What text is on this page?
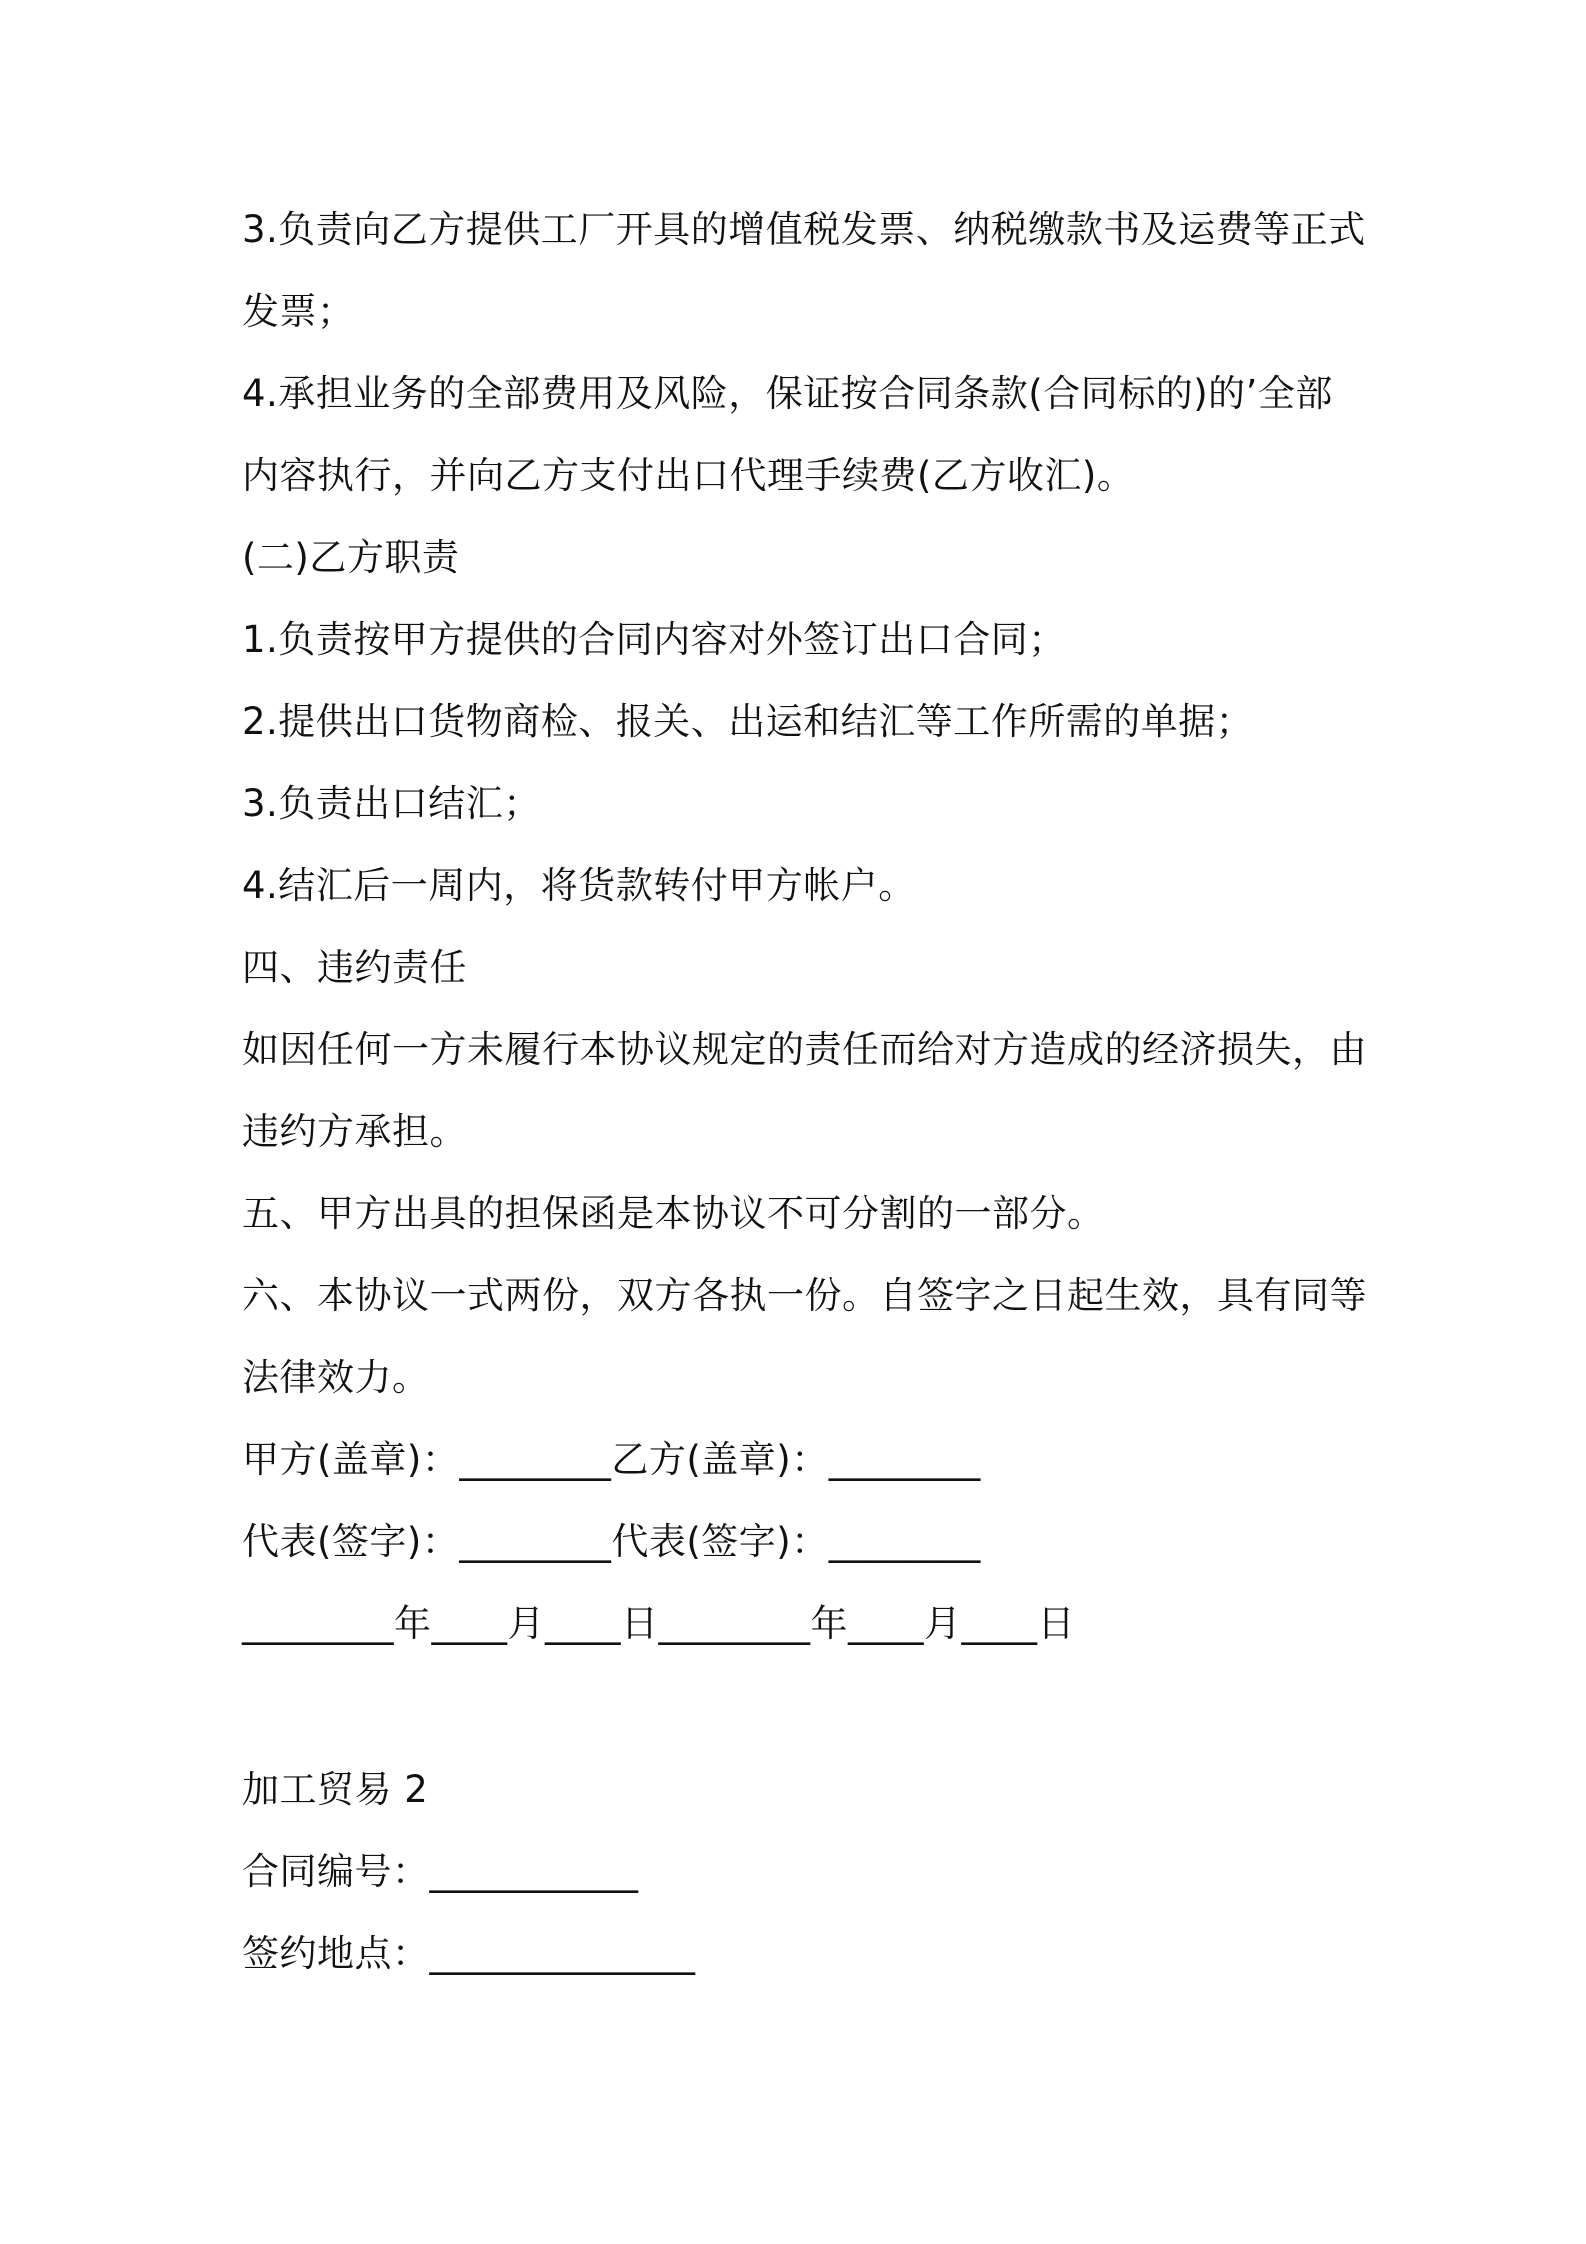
3.负责向乙方提供工厂开具的增值税发票、纳税缴款书及运费等正式
发票；
4.承担业务的全部费用及风险，保证按合同条款(合同标的)的’全部
内容执行，并向乙方支付出口代理手续费(乙方收汇)。
(二)乙方职责
1.负责按甲方提供的合同内容对外签订出口合同；
2.提供出口货物商检、报关、出运和结汇等工作所需的单据；
3.负责出口结汇；
4.结汇后一周内，将货款转付甲方帐户。
四、违约责任
如因任何一方未履行本协议规定的责任而给对方造成的经济损失，由
违约方承担。
五、甲方出具的担保函是本协议不可分割的一部分。
六、本协议一式两份，双方各执一份。自签字之日起生效，具有同等
法律效力。
甲方(盖章)：________乙方(盖章)：________
代表(签字)：________代表(签字)：________
________年____月____日________年____月____日
加工贸易 2
合同编号：___________
签约地点：______________
